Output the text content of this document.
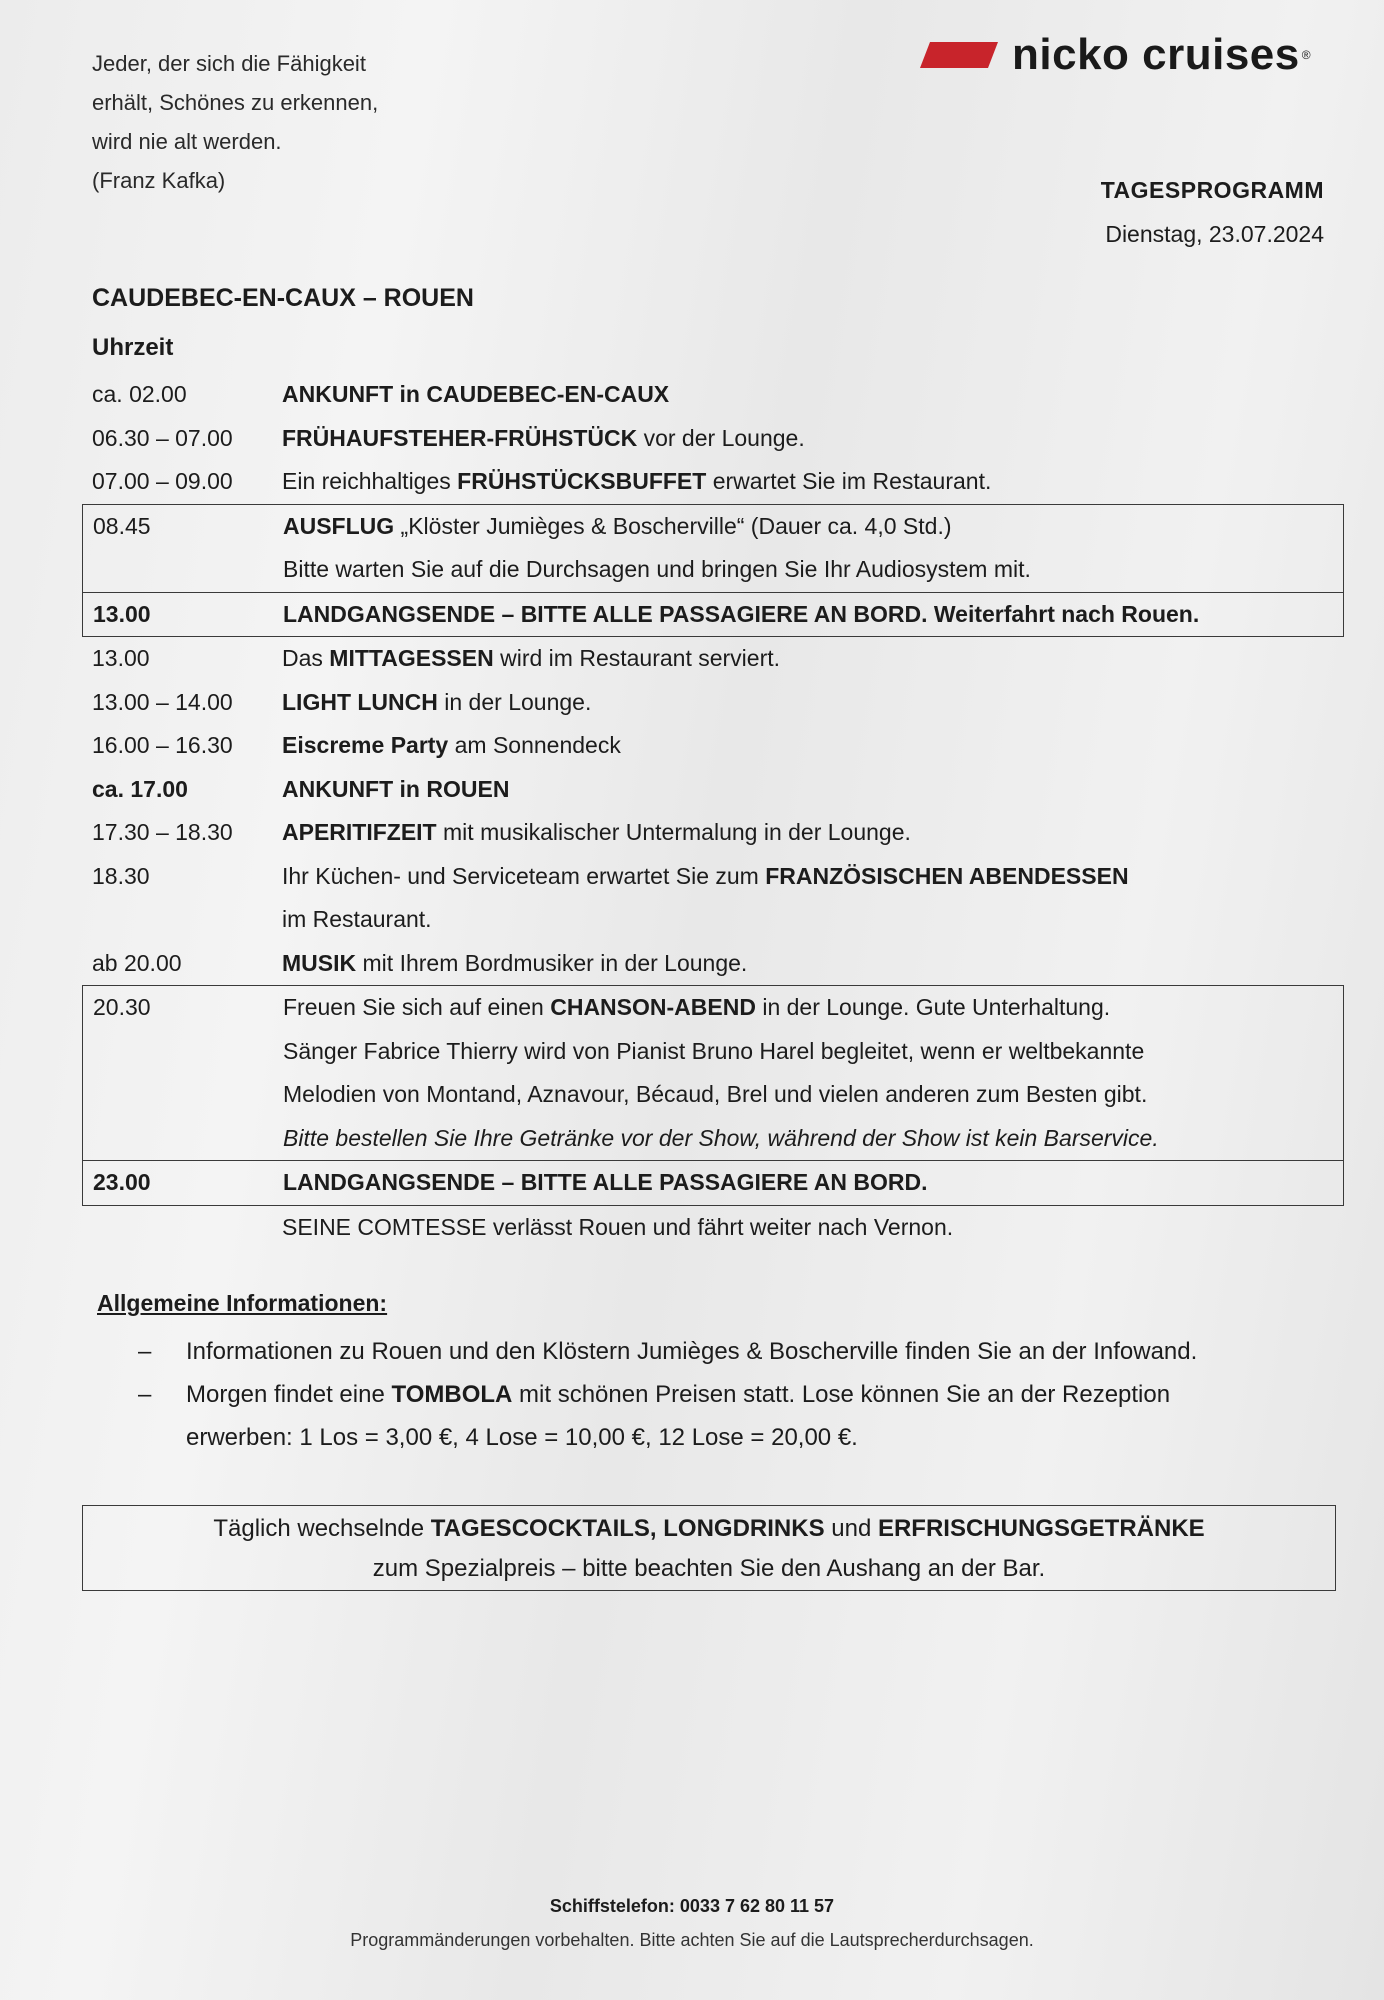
Jeder, der sich die Fähigkeit
erhält, Schönes zu erkennen,
wird nie alt werden.
(Franz Kafka)
nicko cruises ®
TAGESPROGRAMM
Dienstag, 23.07.2024
CAUDEBEC-EN-CAUX – ROUEN
Uhrzeit
ca. 02.00	ANKUNFT in CAUDEBEC-EN-CAUX
06.30 – 07.00	FRÜHAUFSTEHER-FRÜHSTÜCK vor der Lounge.
07.00 – 09.00	Ein reichhaltiges FRÜHSTÜCKSBUFFET erwartet Sie im Restaurant.
08.45	AUSFLUG „Klöster Jumièges & Boscherville“ (Dauer ca. 4,0 Std.)
Bitte warten Sie auf die Durchsagen und bringen Sie Ihr Audiosystem mit.
13.00	LANDGANGSENDE – BITTE ALLE PASSAGIERE AN BORD. Weiterfahrt nach Rouen.
13.00	Das MITTAGESSEN wird im Restaurant serviert.
13.00 – 14.00	LIGHT LUNCH in der Lounge.
16.00 – 16.30	Eiscreme Party am Sonnendeck
ca. 17.00	ANKUNFT in ROUEN
17.30 – 18.30	APERITIFZEIT mit musikalischer Untermalung in der Lounge.
18.30	Ihr Küchen- und Serviceteam erwartet Sie zum FRANZÖSISCHEN ABENDESSEN
im Restaurant.
ab 20.00	MUSIK mit Ihrem Bordmusiker in der Lounge.
20.30	Freuen Sie sich auf einen CHANSON-ABEND in der Lounge. Gute Unterhaltung.
Sänger Fabrice Thierry wird von Pianist Bruno Harel begleitet, wenn er weltbekannte
Melodien von Montand, Aznavour, Bécaud, Brel und vielen anderen zum Besten gibt.
Bitte bestellen Sie Ihre Getränke vor der Show, während der Show ist kein Barservice.
23.00	LANDGANGSENDE – BITTE ALLE PASSAGIERE AN BORD.
SEINE COMTESSE verlässt Rouen und fährt weiter nach Vernon.
Allgemeine Informationen:
–	Informationen zu Rouen und den Klöstern Jumièges & Boscherville finden Sie an der Infowand.
–	Morgen findet eine TOMBOLA mit schönen Preisen statt. Lose können Sie an der Rezeption
erwerben: 1 Los = 3,00 €, 4 Lose = 10,00 €, 12 Lose = 20,00 €.
Täglich wechselnde TAGESCOCKTAILS, LONGDRINKS und ERFRISCHUNGSGETRÄNKE
zum Spezialpreis – bitte beachten Sie den Aushang an der Bar.
Schiffstelefon: 0033 7 62 80 11 57
Programmänderungen vorbehalten. Bitte achten Sie auf die Lautsprecherdurchsagen.
